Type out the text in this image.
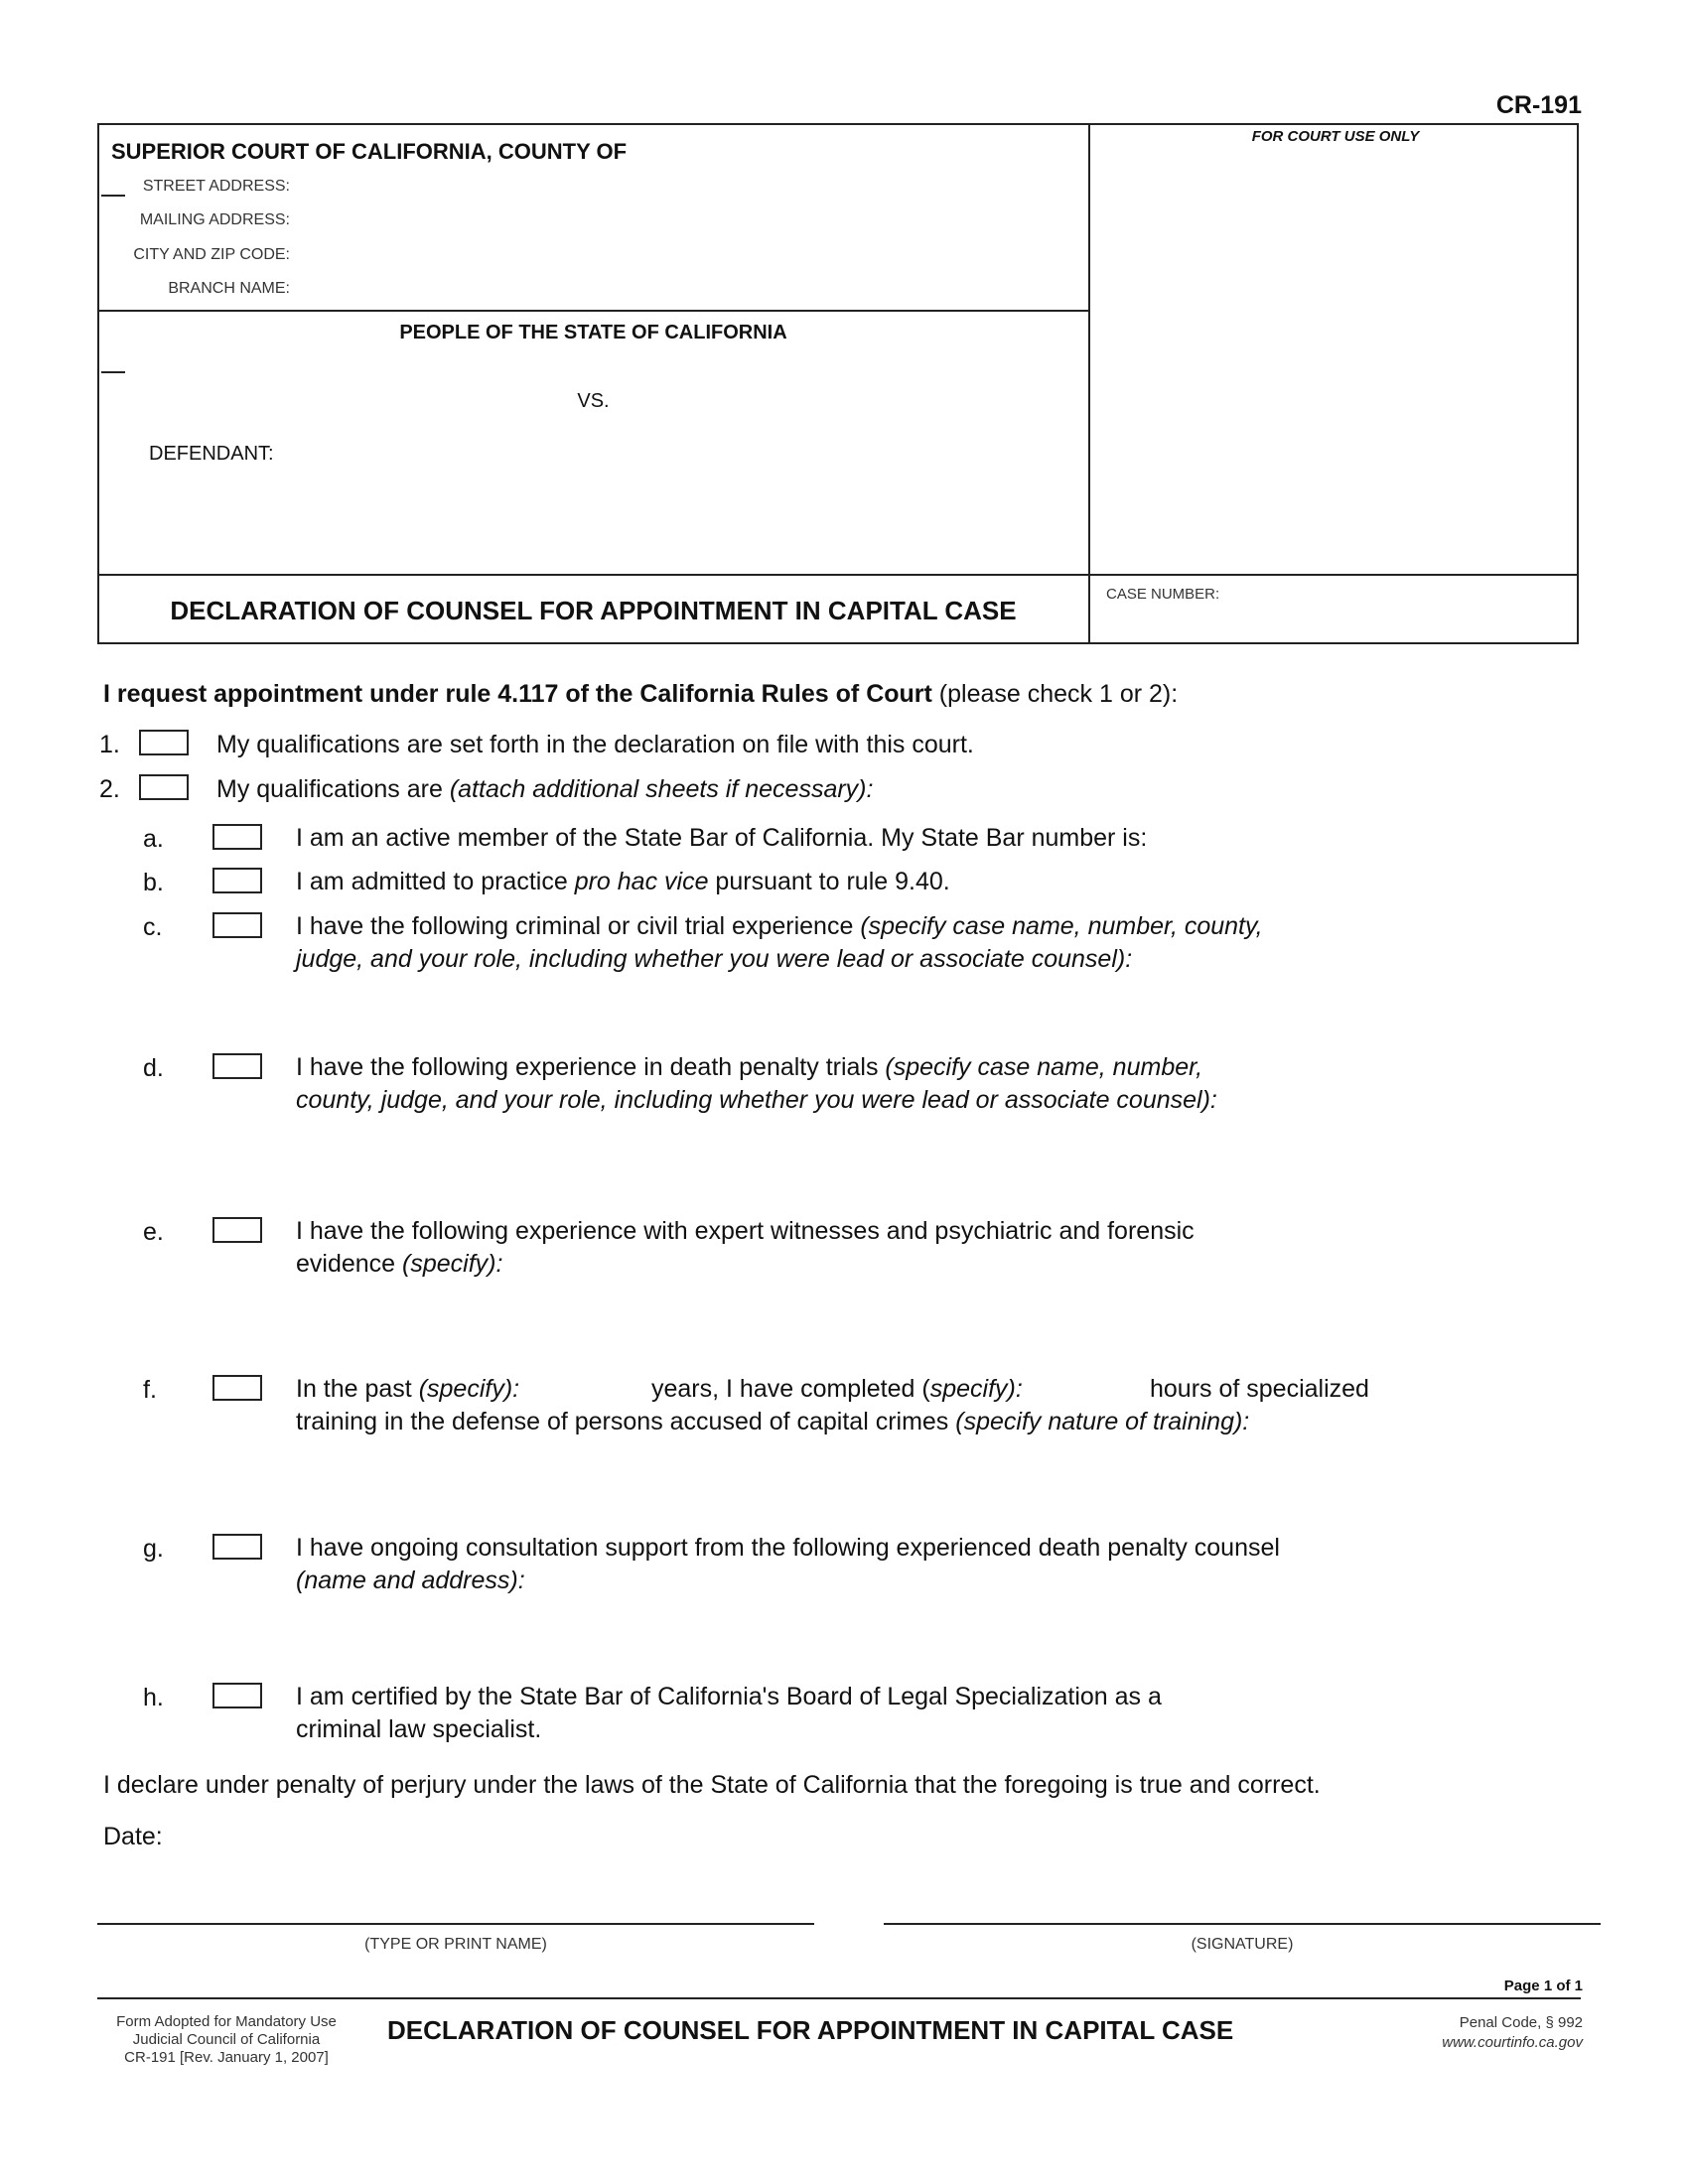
CR-191
SUPERIOR COURT OF CALIFORNIA, COUNTY OF
STREET ADDRESS:
MAILING ADDRESS:
CITY AND ZIP CODE:
BRANCH NAME:
FOR COURT USE ONLY
PEOPLE OF THE STATE OF CALIFORNIA
VS.
DEFENDANT:
DECLARATION OF COUNSEL FOR APPOINTMENT IN CAPITAL CASE
CASE NUMBER:
I request appointment under rule 4.117 of the California Rules of Court (please check 1 or 2):
1.	My qualifications are set forth in the declaration on file with this court.
2.	My qualifications are (attach additional sheets if necessary):
a.	I am an active member of the State Bar of California. My State Bar number is:
b.	I am admitted to practice pro hac vice pursuant to rule 9.40.
c.	I have the following criminal or civil trial experience (specify case name, number, county,
judge, and your role, including whether you were lead or associate counsel):
d.	I have the following experience in death penalty trials (specify case name, number,
county, judge, and your role, including whether you were lead or associate counsel):
e.	I have the following experience with expert witnesses and psychiatric and forensic
evidence (specify):
f.	In the past (specify):	years, I have completed (specify):	hours of specialized
training in the defense of persons accused of capital crimes (specify nature of training):
g.	I have ongoing consultation support from the following experienced death penalty counsel
(name and address):
h.	I am certified by the State Bar of California's Board of Legal Specialization as a
criminal law specialist.
I declare under penalty of perjury under the laws of the State of California that the foregoing is true and correct.
Date:
(TYPE OR PRINT NAME)	(SIGNATURE)
Page 1 of 1
Form Adopted for Mandatory Use
Judicial Council of California
CR-191 [Rev. January 1, 2007]
DECLARATION OF COUNSEL FOR APPOINTMENT IN CAPITAL CASE	Penal Code, § 992
www.courtinfo.ca.gov
